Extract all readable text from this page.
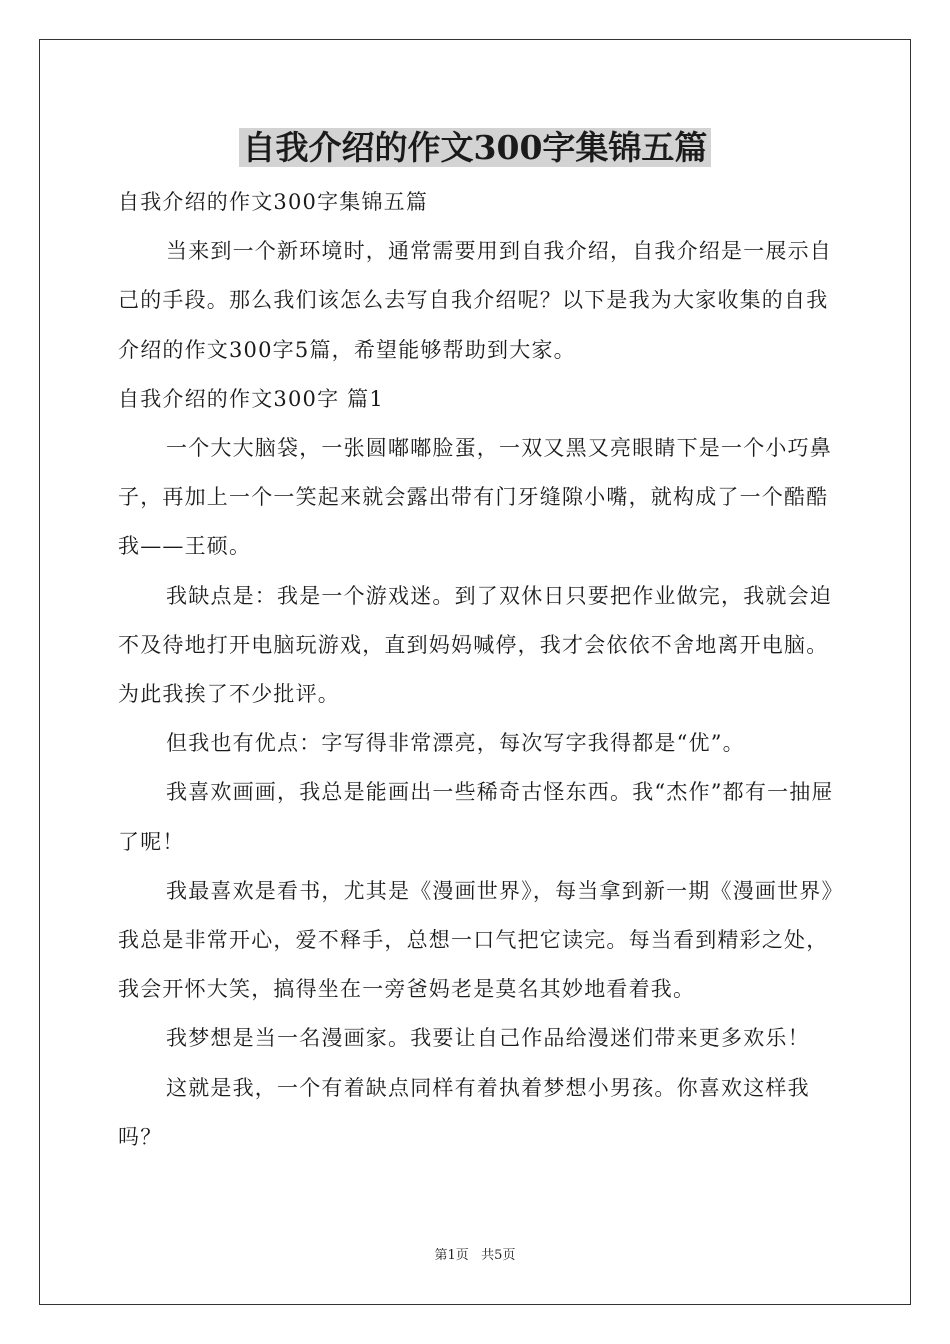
自我介绍的作文300字集锦五篇

自我介绍的作文300字集锦五篇

当来到一个新环境时，通常需要用到自我介绍，自我介绍是一展示自己的手段。那么我们该怎么去写自我介绍呢？以下是我为大家收集的自我介绍的作文300字5篇，希望能够帮助到大家。

自我介绍的作文300字 篇1

一个大大脑袋，一张圆嘟嘟脸蛋，一双又黑又亮眼睛下是一个小巧鼻子，再加上一个一笑起来就会露出带有门牙缝隙小嘴，就构成了一个酷酷我——王硕。

我缺点是：我是一个游戏迷。到了双休日只要把作业做完，我就会迫不及待地打开电脑玩游戏，直到妈妈喊停，我才会依依不舍地离开电脑。为此我挨了不少批评。

但我也有优点：字写得非常漂亮，每次写字我得都是“优”。

我喜欢画画，我总是能画出一些稀奇古怪东西。我“杰作”都有一抽屉了呢！

我最喜欢是看书，尤其是《漫画世界》，每当拿到新一期《漫画世界》我总是非常开心，爱不释手，总想一口气把它读完。每当看到精彩之处，我会开怀大笑，搞得坐在一旁爸妈老是莫名其妙地看着我。

我梦想是当一名漫画家。我要让自己作品给漫迷们带来更多欢乐！

这就是我，一个有着缺点同样有着执着梦想小男孩。你喜欢这样我吗？

第1页   共5页
